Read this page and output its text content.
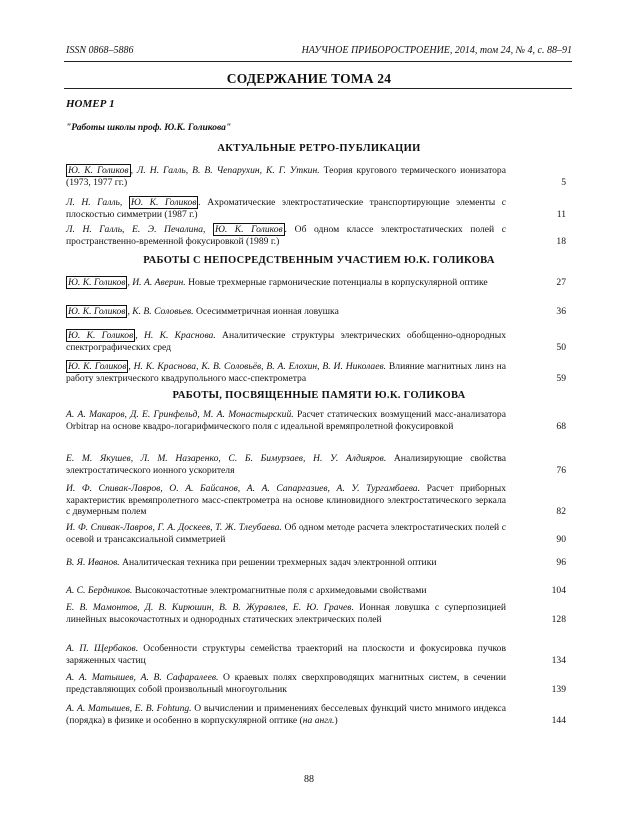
ISSN 0868–5886	НАУЧНОЕ ПРИБОРОСТРОЕНИЕ, 2014, том 24, № 4, c. 88–91
СОДЕРЖАНИЕ ТОМА 24
НОМЕР 1
"Работы школы проф. Ю.К. Голикова"
АКТУАЛЬНЫЕ РЕТРО-ПУБЛИКАЦИИ
РАБОТЫ С НЕПОСРЕДСТВЕННЫМ УЧАСТИЕМ Ю.К. ГОЛИКОВА
РАБОТЫ, ПОСВЯЩЕННЫЕ ПАМЯТИ Ю.К. ГОЛИКОВА
Ю. К. Голиков , Л. Н. Галль, В. В. Чепарухин, К. Г. Уткин. Теория кругового термического ионизатора (1973, 1977 гг.)	5
Л. Н. Галль, Ю. К. Голиков . Ахроматические электростатические транспортирующие элементы с плоскостью симметрии (1987 г.)	11
Л. Н. Галль, Е. Э. Печалина, Ю. К. Голиков . Об одном классе электростатических полей с пространственно-временной фокусировкой (1989 г.)	18
Ю. К. Голиков , И. А. Аверин. Новые трехмерные гармонические потенциалы в корпускулярной оптике	27
Ю. К. Голиков , К. В. Соловьев. Осесимметричная ионная ловушка	36
Ю. К. Голиков , Н. К. Краснова. Аналитические структуры электрических обобщенно-однородных спектрографических сред	50
Ю. К. Голиков , Н. К. Краснова, К. В. Соловьёв, В. А. Елохин, В. И. Николаев. Влияние магнитных линз на работу электрического квадрупольного масс-спектрометра	59
А. А. Макаров, Д. Е. Гринфельд, М. А. Монастырский. Расчет статических возмущений масс-анализатора Orbitrap на основе квадро-логарифмического поля с идеальной времяпролетной фокусировкой	68
Е. М. Якушев, Л. М. Назаренко, С. Б. Бимурзаев, Н. У. Алдияров. Анализирующие свойства электростатического ионного ускорителя	76
И. Ф. Спивак-Лавров, О. А. Байсанов, А. А. Сапаргазиев, А. У. Тургамбаева. Расчет приборных характеристик времяпролетного масс-спектрометра на основе клиновидного электростатического зеркала с двумерным полем	82
И. Ф. Спивак-Лавров, Г. А. Доскеев, Т. Ж. Тлеубаева. Об одном методе расчета электростатических полей с осевой и трансаксиальной симметрией	90
В. Я. Иванов. Аналитическая техника при решении трехмерных задач электронной оптики	96
А. С. Бердников. Высокочастотные электромагнитные поля с архимедовыми свойствами	104
Е. В. Мамонтов, Д. В. Кирюшин, В. В. Журавлев, Е. Ю. Грачев. Ионная ловушка с суперпозицией линейных высокочастотных и однородных статических электрических полей	128
А. П. Щербаков. Особенности структуры семейства траекторий на плоскости и фокусировка пучков заряженных частиц	134
А. А. Матышев, А. В. Сафаралеев. О краевых полях сверхпроводящих магнитных систем, в сечении представляющих собой произвольный многоугольник	139
А. А. Матышев, Е. В. Fohtung. О вычислении и применениях бесселевых функций чисто мнимого индекса (порядка) в физике и особенно в корпускулярной оптике (на англ.)	144
88
